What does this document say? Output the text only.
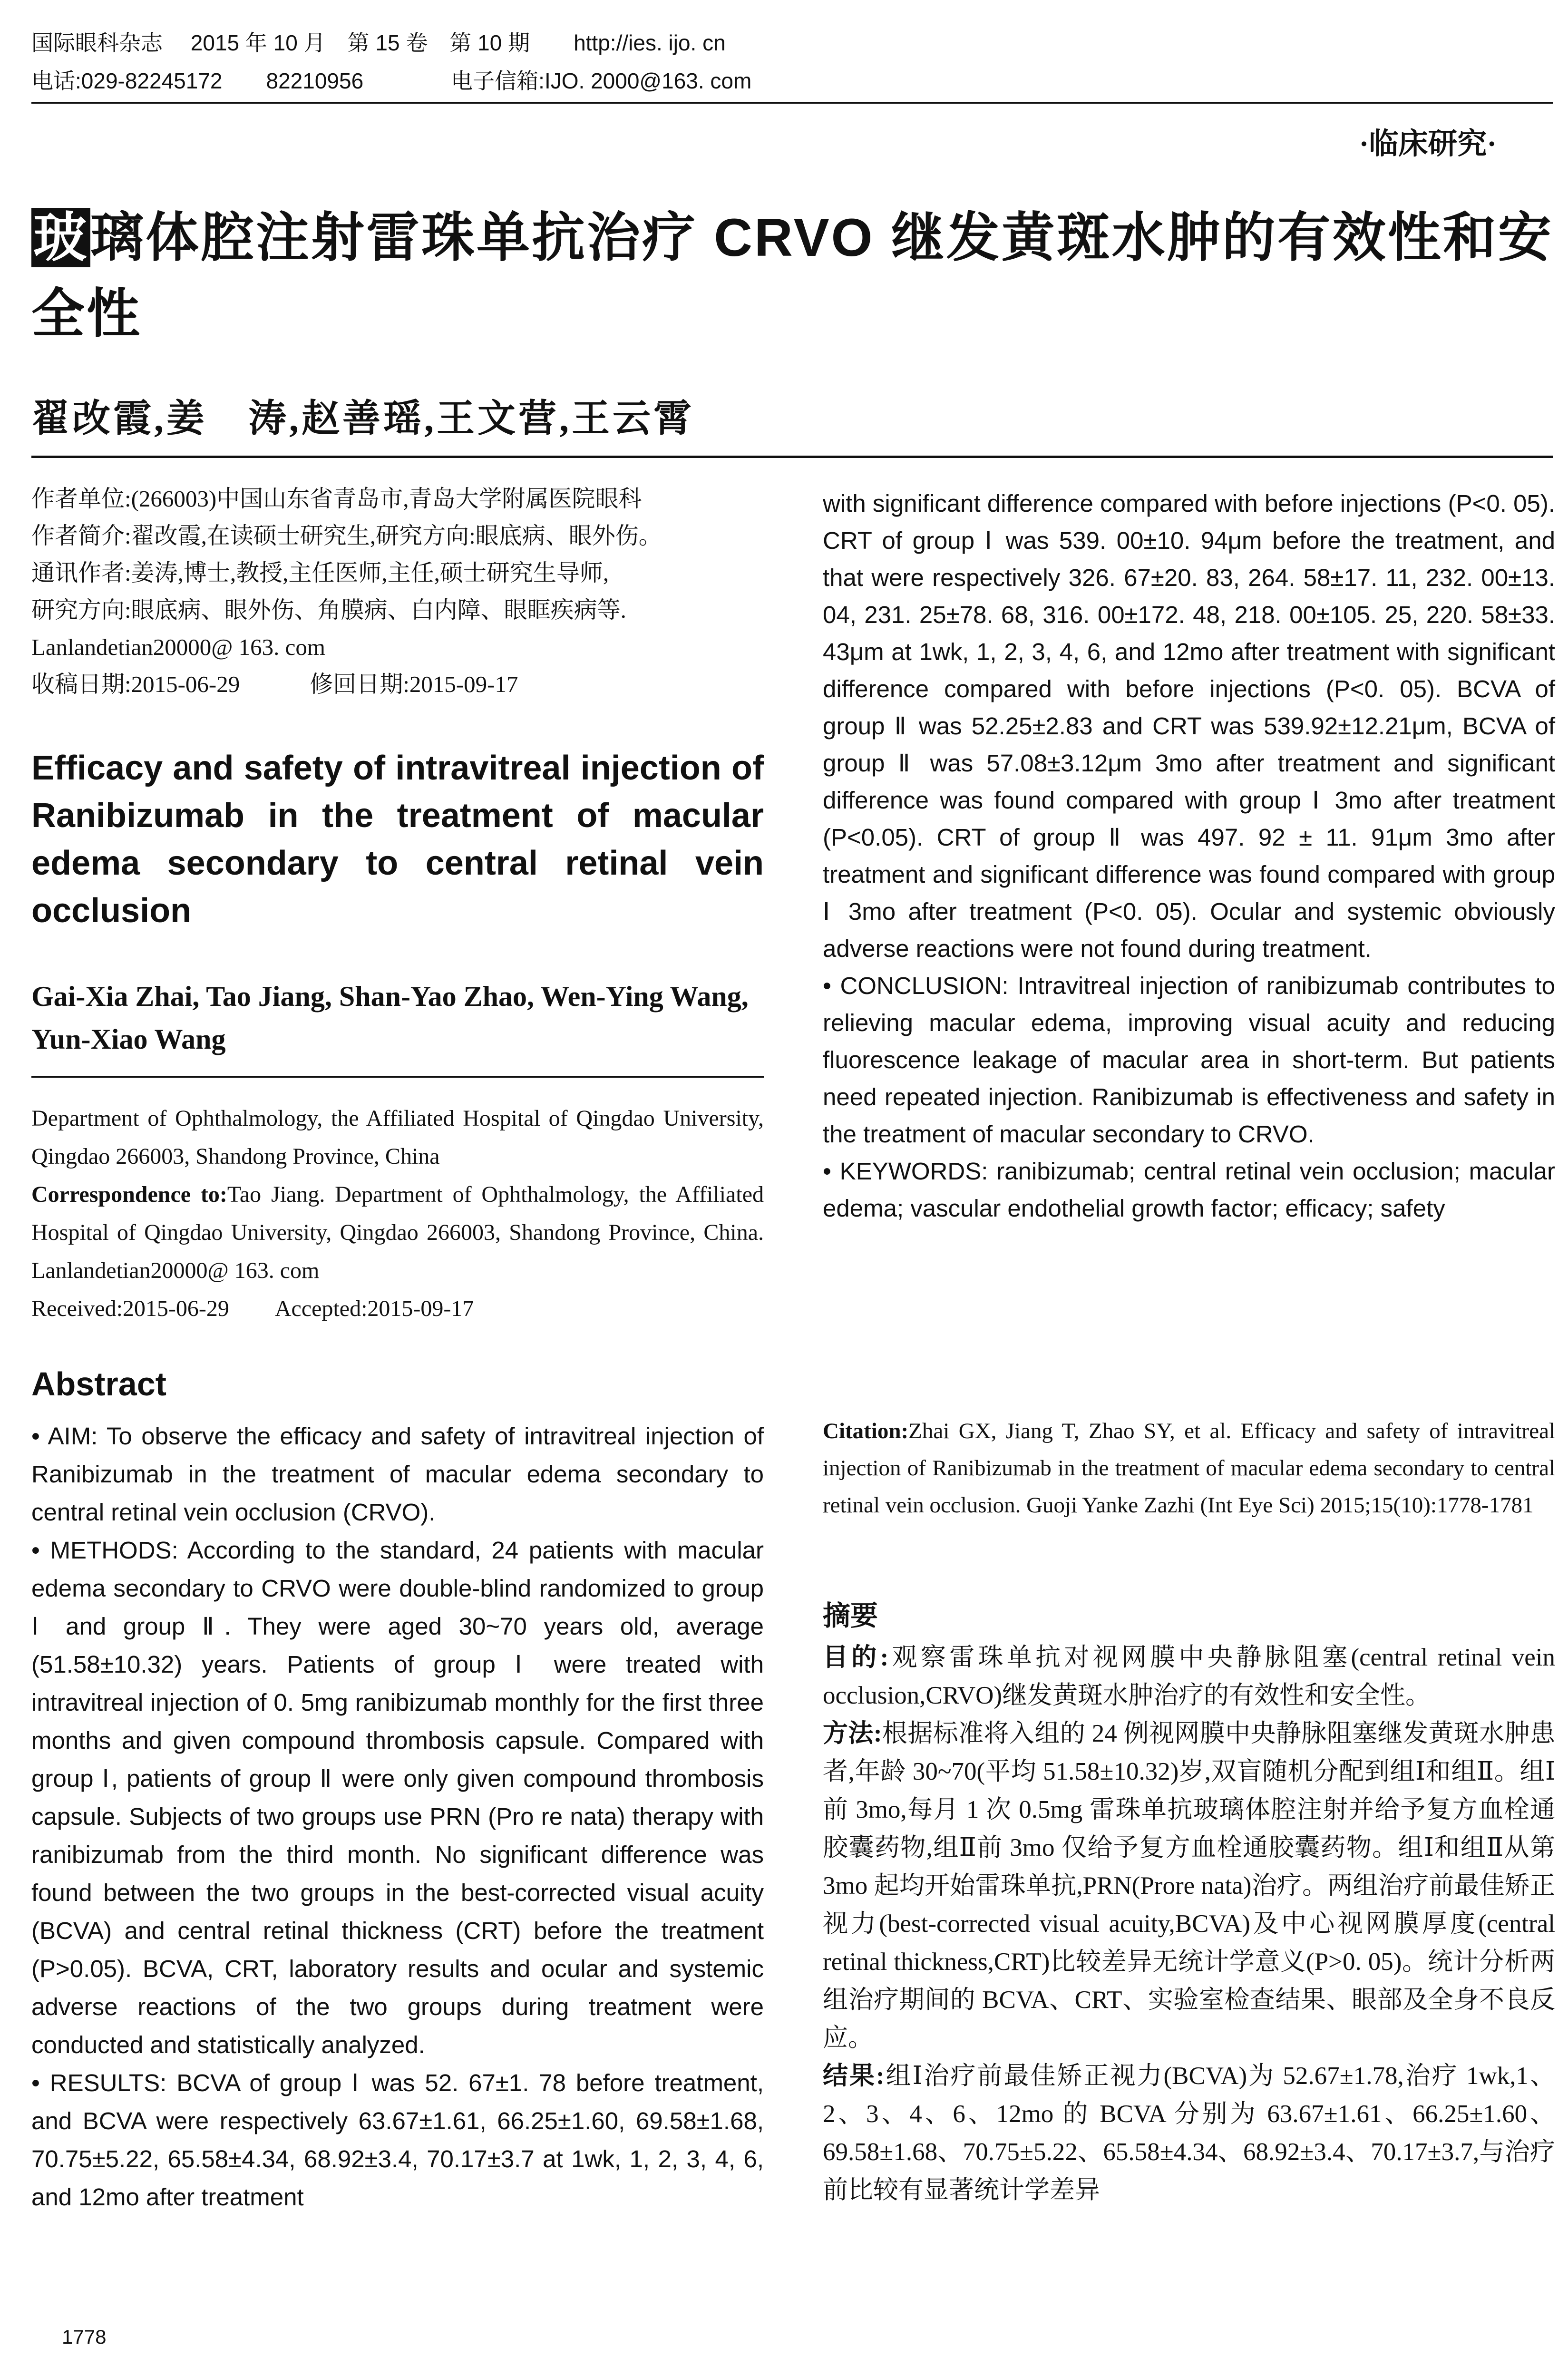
国际眼科杂志　 2015 年 10 月　第 15 卷　第 10 期　　http://ies. ijo. cn
电话:029-82245172　　82210956　　　　电子信箱:IJO. 2000@163. com
·临床研究·
玻璃体腔注射雷珠单抗治疗 CRVO 继发黄斑水肿的有效性和安全性
翟改霞,姜　涛,赵善瑶,王文营,王云霄
作者单位:(266003)中国山东省青岛市,青岛大学附属医院眼科
作者简介:翟改霞,在读硕士研究生,研究方向:眼底病、眼外伤。
通讯作者:姜涛,博士,教授,主任医师,主任,硕士研究生导师,
研究方向:眼底病、眼外伤、角膜病、白内障、眼眶疾病等.
Lanlandetian20000@ 163. com
收稿日期:2015-06-29　　　修回日期:2015-09-17
Efficacy and safety of intravitreal injection of Ranibizumab in the treatment of macular edema secondary to central retinal vein occlusion
Gai-Xia Zhai, Tao Jiang, Shan-Yao Zhao, Wen-Ying Wang, Yun-Xiao Wang
Department of Ophthalmology, the Affiliated Hospital of Qingdao University, Qingdao 266003, Shandong Province, China
Correspondence to:Tao Jiang. Department of Ophthalmology, the Affiliated Hospital of Qingdao University, Qingdao 266003, Shandong Province, China. Lanlandetian20000@ 163. com
Received:2015-06-29　　Accepted:2015-09-17
Abstract

• AIM: To observe the efficacy and safety of intravitreal injection of Ranibizumab in the treatment of macular edema secondary to central retinal vein occlusion (CRVO).

• METHODS: According to the standard, 24 patients with macular edema secondary to CRVO were double-blind randomized to group Ⅰ and group Ⅱ. They were aged 30~70 years old, average (51.58±10.32) years. Patients of group Ⅰ were treated with intravitreal injection of 0. 5mg ranibizumab monthly for the first three months and given compound thrombosis capsule. Compared with group Ⅰ, patients of group Ⅱ were only given compound thrombosis capsule. Subjects of two groups use PRN (Pro re nata) therapy with ranibizumab from the third month. No significant difference was found between the two groups in the best-corrected visual acuity (BCVA) and central retinal thickness (CRT) before the treatment (P>0.05). BCVA, CRT, laboratory results and ocular and systemic adverse reactions of the two groups during treatment were conducted and statistically analyzed.

• RESULTS: BCVA of group Ⅰ was 52. 67±1. 78 before treatment, and BCVA were respectively 63.67±1.61, 66.25±1.60, 69.58±1.68, 70.75±5.22, 65.58±4.34, 68.92±3.4, 70.17±3.7 at 1wk, 1, 2, 3, 4, 6, and 12mo after treatment

with significant difference compared with before injections (P<0. 05). CRT of group Ⅰ was 539. 00±10. 94μm before the treatment, and that were respectively 326. 67±20. 83, 264. 58±17. 11, 232. 00±13. 04, 231. 25±78. 68, 316. 00±172. 48, 218. 00±105. 25, 220. 58±33. 43μm at 1wk, 1, 2, 3, 4, 6, and 12mo after treatment with significant difference compared with before injections (P<0. 05). BCVA of group Ⅱ was 52.25±2.83 and CRT was 539.92±12.21μm, BCVA of group Ⅱ was 57.08±3.12μm 3mo after treatment and significant difference was found compared with group Ⅰ 3mo after treatment (P<0.05). CRT of group Ⅱ was 497. 92 ± 11. 91μm 3mo after treatment and significant difference was found compared with group Ⅰ 3mo after treatment (P<0. 05). Ocular and systemic obviously adverse reactions were not found during treatment.

• CONCLUSION: Intravitreal injection of ranibizumab contributes to relieving macular edema, improving visual acuity and reducing fluorescence leakage of macular area in short-term. But patients need repeated injection. Ranibizumab is effectiveness and safety in the treatment of macular secondary to CRVO.

• KEYWORDS: ranibizumab; central retinal vein occlusion; macular edema; vascular endothelial growth factor; efficacy; safety

Citation:Zhai GX, Jiang T, Zhao SY, et al. Efficacy and safety of intravitreal injection of Ranibizumab in the treatment of macular edema secondary to central retinal vein occlusion. Guoji Yanke Zazhi (Int Eye Sci) 2015;15(10):1778-1781
摘要

目的:观察雷珠单抗对视网膜中央静脉阻塞(central retinal vein occlusion,CRVO)继发黄斑水肿治疗的有效性和安全性。

方法:根据标准将入组的 24 例视网膜中央静脉阻塞继发黄斑水肿患者,年龄 30~70(平均 51.58±10.32)岁,双盲随机分配到组Ⅰ和组Ⅱ。组Ⅰ前 3mo,每月 1 次 0.5mg 雷珠单抗玻璃体腔注射并给予复方血栓通胶囊药物,组Ⅱ前 3mo 仅给予复方血栓通胶囊药物。组Ⅰ和组Ⅱ从第 3mo 起均开始雷珠单抗,PRN(Prore nata)治疗。两组治疗前最佳矫正视力(best-corrected visual acuity,BCVA)及中心视网膜厚度(central retinal thickness,CRT)比较差异无统计学意义(P>0. 05)。统计分析两组治疗期间的 BCVA、CRT、实验室检查结果、眼部及全身不良反应。

结果:组Ⅰ治疗前最佳矫正视力(BCVA)为 52.67±1.78,治疗 1wk,1、2、3、4、6、12mo 的 BCVA 分别为 63.67±1.61、66.25±1.60、69.58±1.68、70.75±5.22、65.58±4.34、68.92±3.4、70.17±3.7,与治疗前比较有显著统计学差异

1778
